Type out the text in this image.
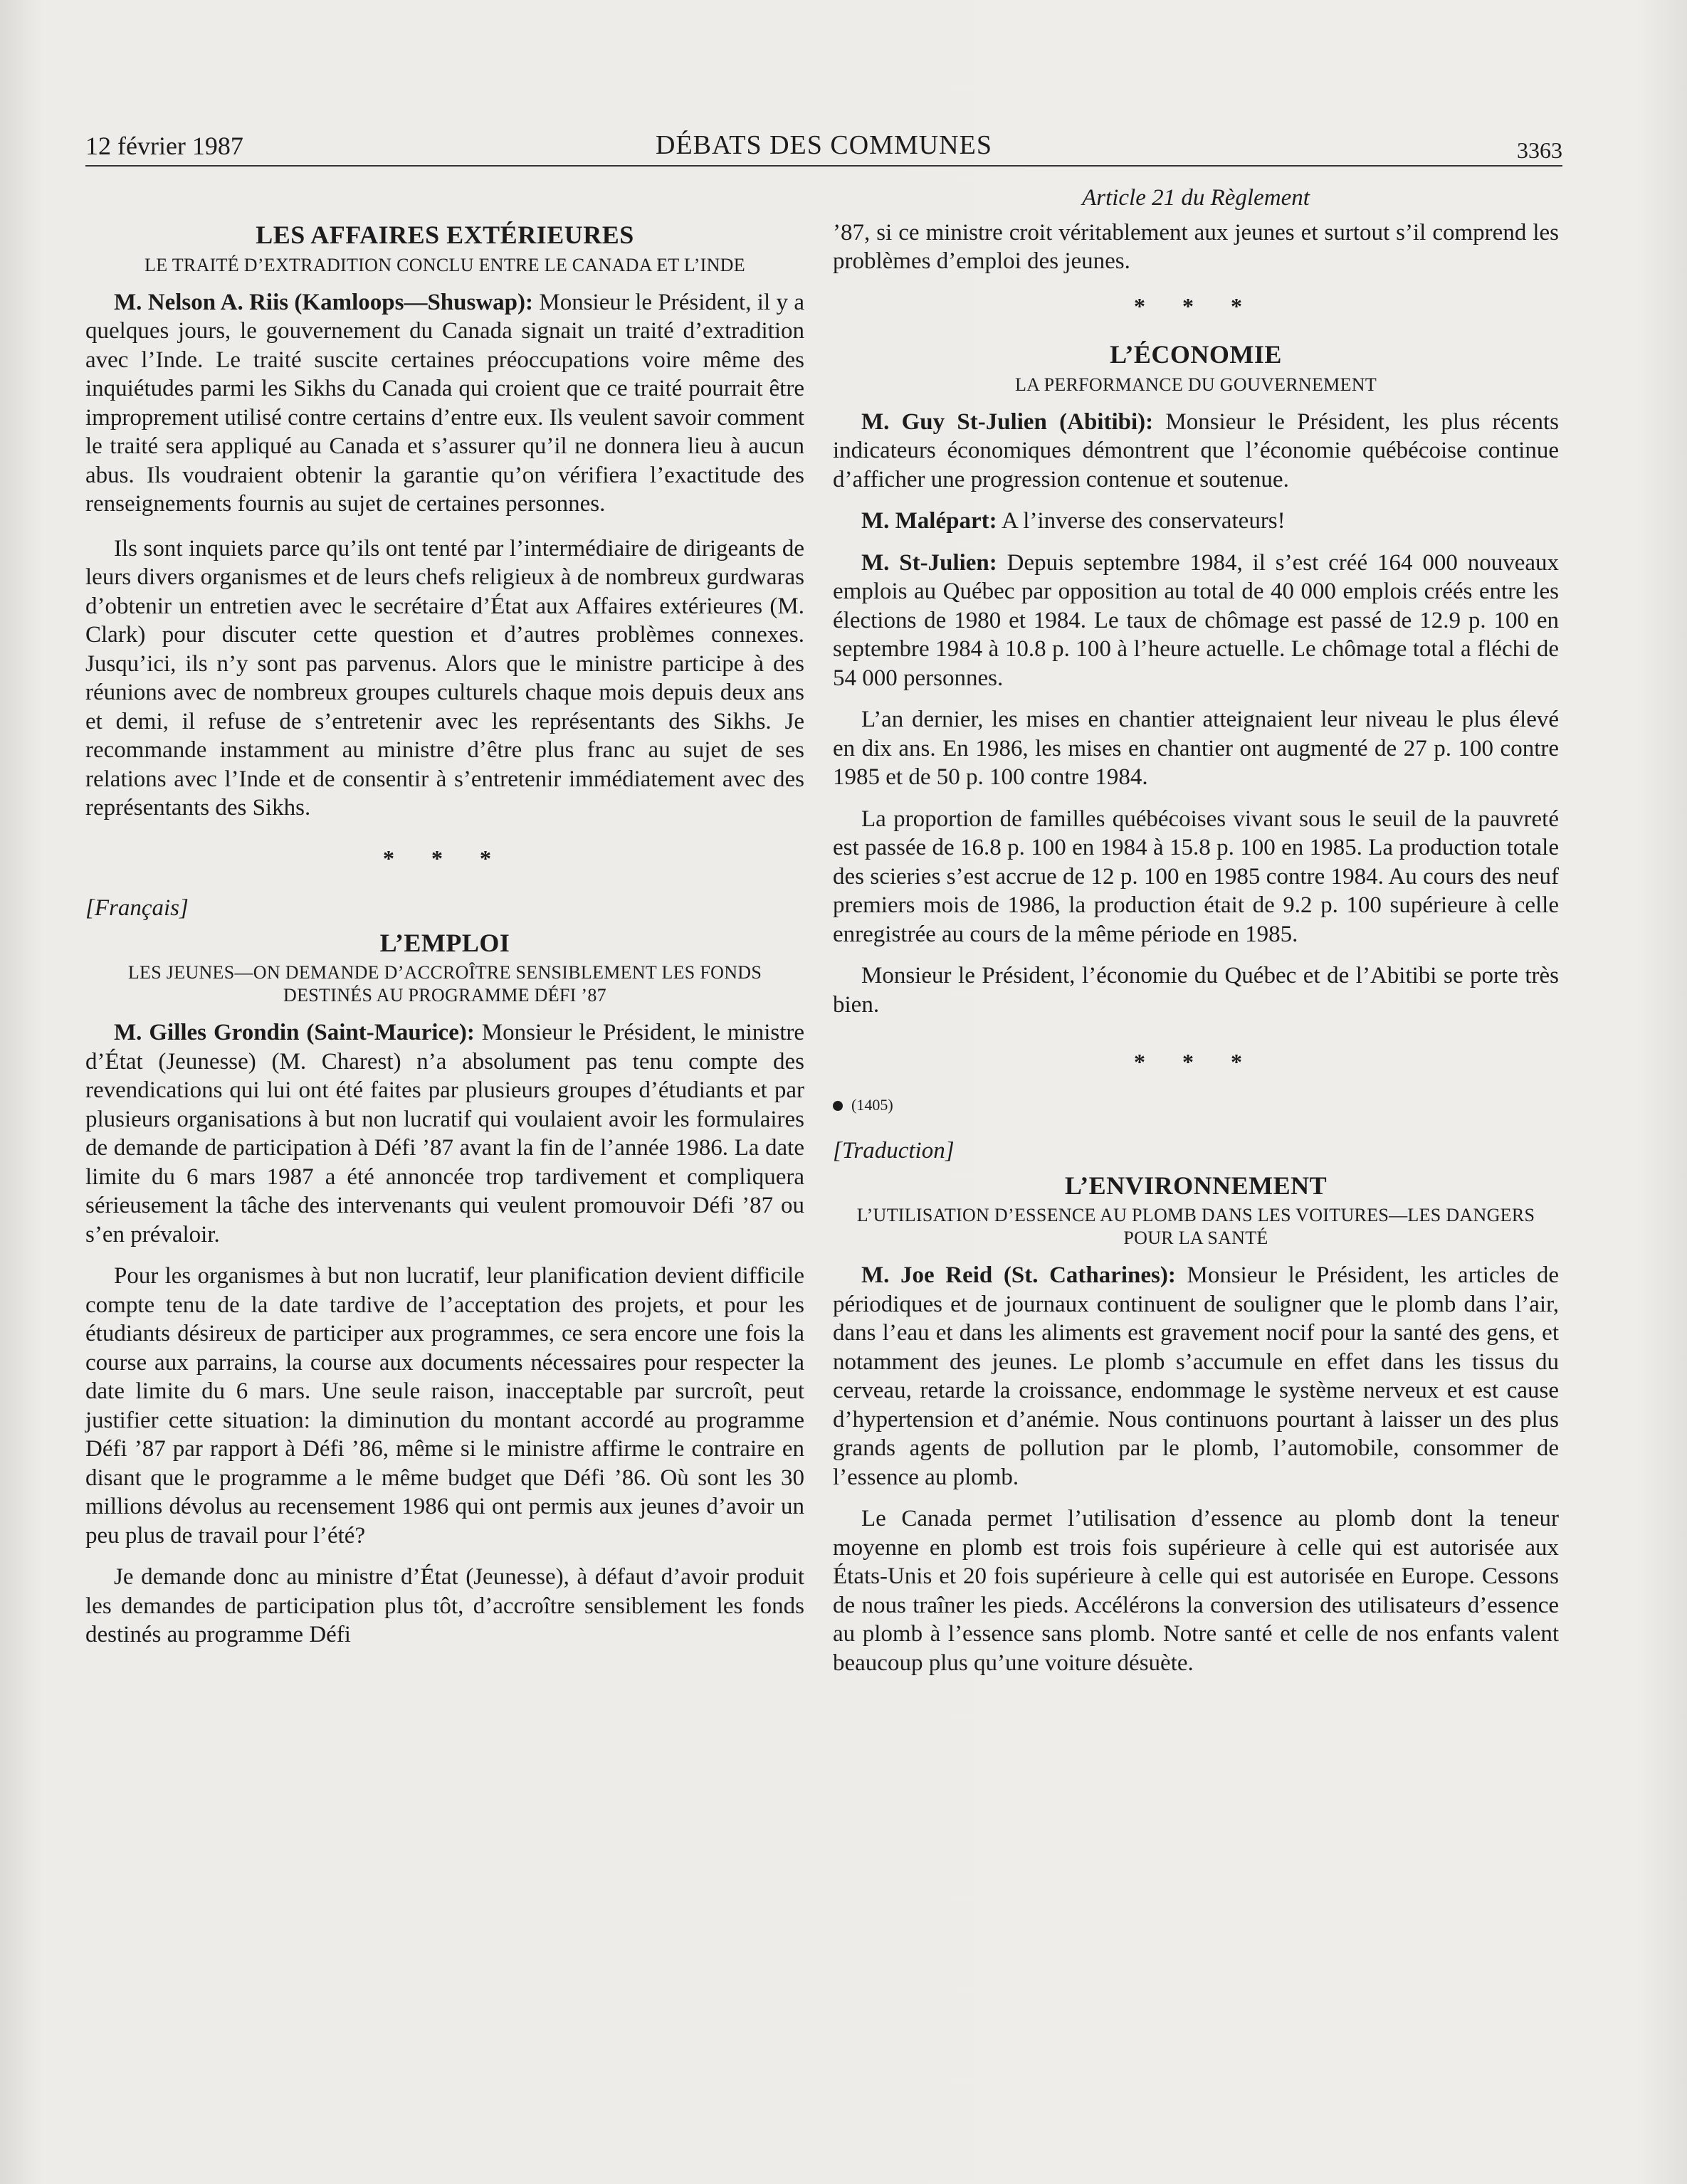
12 février 1987	DÉBATS DES COMMUNES	3363
LES AFFAIRES EXTÉRIEURES
LE TRAITÉ D’EXTRADITION CONCLU ENTRE LE CANADA ET L’INDE

M. Nelson A. Riis (Kamloops—Shuswap): Monsieur le Président, il y a quelques jours, le gouvernement du Canada signait un traité d’extradition avec l’Inde. Le traité suscite certaines préoccupations voire même des inquiétudes parmi les Sikhs du Canada qui croient que ce traité pourrait être improprement utilisé contre certains d’entre eux. Ils veulent savoir comment le traité sera appliqué au Canada et s’assurer qu’il ne donnera lieu à aucun abus. Ils voudraient obtenir la garantie qu’on vérifiera l’exactitude des renseignements fournis au sujet de certaines personnes.

Ils sont inquiets parce qu’ils ont tenté par l’intermédiaire de dirigeants de leurs divers organismes et de leurs chefs religieux à de nombreux gurdwaras d’obtenir un entretien avec le secrétaire d’État aux Affaires extérieures (M. Clark) pour discuter cette question et d’autres problèmes connexes. Jusqu’ici, ils n’y sont pas parvenus. Alors que le ministre participe à des réunions avec de nombreux groupes culturels chaque mois depuis deux ans et demi, il refuse de s’entretenir avec les représentants des Sikhs. Je recommande instamment au ministre d’être plus franc au sujet de ses relations avec l’Inde et de consentir à s’entretenir immédiatement avec des représentants des Sikhs.

* * *
[Français]
L’EMPLOI
LES JEUNES—ON DEMANDE D’ACCROÎTRE SENSIBLEMENT LES FONDS DESTINÉS AU PROGRAMME DÉFI ’87

M. Gilles Grondin (Saint-Maurice): Monsieur le Président, le ministre d’État (Jeunesse) (M. Charest) n’a absolument pas tenu compte des revendications qui lui ont été faites par plusieurs groupes d’étudiants et par plusieurs organisations à but non lucratif qui voulaient avoir les formulaires de demande de participation à Défi ’87 avant la fin de l’année 1986. La date limite du 6 mars 1987 a été annoncée trop tardivement et compliquera sérieusement la tâche des intervenants qui veulent promouvoir Défi ’87 ou s’en prévaloir.

Pour les organismes à but non lucratif, leur planification devient difficile compte tenu de la date tardive de l’acceptation des projets, et pour les étudiants désireux de participer aux programmes, ce sera encore une fois la course aux parrains, la course aux documents nécessaires pour respecter la date limite du 6 mars. Une seule raison, inacceptable par surcroît, peut justifier cette situation: la diminution du montant accordé au programme Défi ’87 par rapport à Défi ’86, même si le ministre affirme le contraire en disant que le programme a le même budget que Défi ’86. Où sont les 30 millions dévolus au recensement 1986 qui ont permis aux jeunes d’avoir un peu plus de travail pour l’été?

Je demande donc au ministre d’État (Jeunesse), à défaut d’avoir produit les demandes de participation plus tôt, d’accroître sensiblement les fonds destinés au programme Défi

Article 21 du Règlement

’87, si ce ministre croit véritablement aux jeunes et surtout s’il comprend les problèmes d’emploi des jeunes.

* * *
L’ÉCONOMIE
LA PERFORMANCE DU GOUVERNEMENT

M. Guy St-Julien (Abitibi): Monsieur le Président, les plus récents indicateurs économiques démontrent que l’économie québécoise continue d’afficher une progression contenue et soutenue.

M. Malépart: A l’inverse des conservateurs!

M. St-Julien: Depuis septembre 1984, il s’est créé 164 000 nouveaux emplois au Québec par opposition au total de 40 000 emplois créés entre les élections de 1980 et 1984. Le taux de chômage est passé de 12.9 p. 100 en septembre 1984 à 10.8 p. 100 à l’heure actuelle. Le chômage total a fléchi de 54 000 personnes.

L’an dernier, les mises en chantier atteignaient leur niveau le plus élevé en dix ans. En 1986, les mises en chantier ont augmenté de 27 p. 100 contre 1985 et de 50 p. 100 contre 1984.

La proportion de familles québécoises vivant sous le seuil de la pauvreté est passée de 16.8 p. 100 en 1984 à 15.8 p. 100 en 1985. La production totale des scieries s’est accrue de 12 p. 100 en 1985 contre 1984. Au cours des neuf premiers mois de 1986, la production était de 9.2 p. 100 supérieure à celle enregistrée au cours de la même période en 1985.

Monsieur le Président, l’économie du Québec et de l’Abitibi se porte très bien.

* * *
(1405)
[Traduction]
L’ENVIRONNEMENT
L’UTILISATION D’ESSENCE AU PLOMB DANS LES VOITURES—LES DANGERS POUR LA SANTÉ

M. Joe Reid (St. Catharines): Monsieur le Président, les articles de périodiques et de journaux continuent de souligner que le plomb dans l’air, dans l’eau et dans les aliments est gravement nocif pour la santé des gens, et notamment des jeunes. Le plomb s’accumule en effet dans les tissus du cerveau, retarde la croissance, endommage le système nerveux et est cause d’hypertension et d’anémie. Nous continuons pourtant à laisser un des plus grands agents de pollution par le plomb, l’automobile, consommer de l’essence au plomb.

Le Canada permet l’utilisation d’essence au plomb dont la teneur moyenne en plomb est trois fois supérieure à celle qui est autorisée aux États-Unis et 20 fois supérieure à celle qui est autorisée en Europe. Cessons de nous traîner les pieds. Accélérons la conversion des utilisateurs d’essence au plomb à l’essence sans plomb. Notre santé et celle de nos enfants valent beaucoup plus qu’une voiture désuète.
